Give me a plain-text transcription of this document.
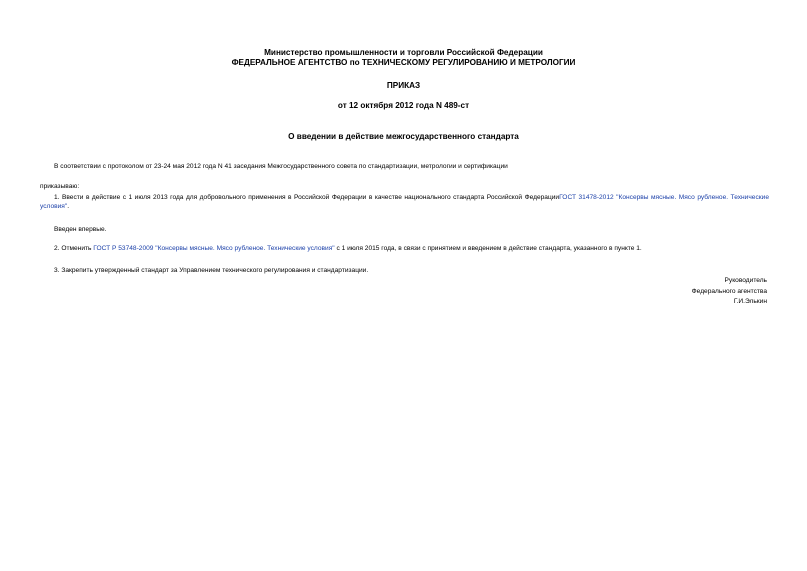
Министерство промышленности и торговли Российской Федерации
ФЕДЕРАЛЬНОЕ АГЕНТСТВО по ТЕХНИЧЕСКОМУ РЕГУЛИРОВАНИЮ И МЕТРОЛОГИИ
ПРИКАЗ
от 12 октября 2012 года N 489-ст
О введении в действие межгосударственного стандарта
В соответствии с протоколом от 23-24 мая 2012 года N 41 заседания Межгосударственного совета по стандартизации, метрологии и сертификации
приказываю:
1. Ввести в действие с 1 июля 2013 года для добровольного применения в Российской Федерации в качестве национального стандарта Российской ФедерацииГОСТ 31478-2012 "Консервы мясные. Мясо рубленое. Технические условия".
Введен впервые.
2. Отменить ГОСТ Р 53748-2009 "Консервы мясные. Мясо рубленое. Технические условия" с 1 июля 2015 года, в связи с принятием и введением в действие стандарта, указанного в пункте 1.
3. Закрепить утвержденный стандарт за Управлением технического регулирования и стандартизации.
Руководитель
Федерального агентства
Г.И.Элькин
